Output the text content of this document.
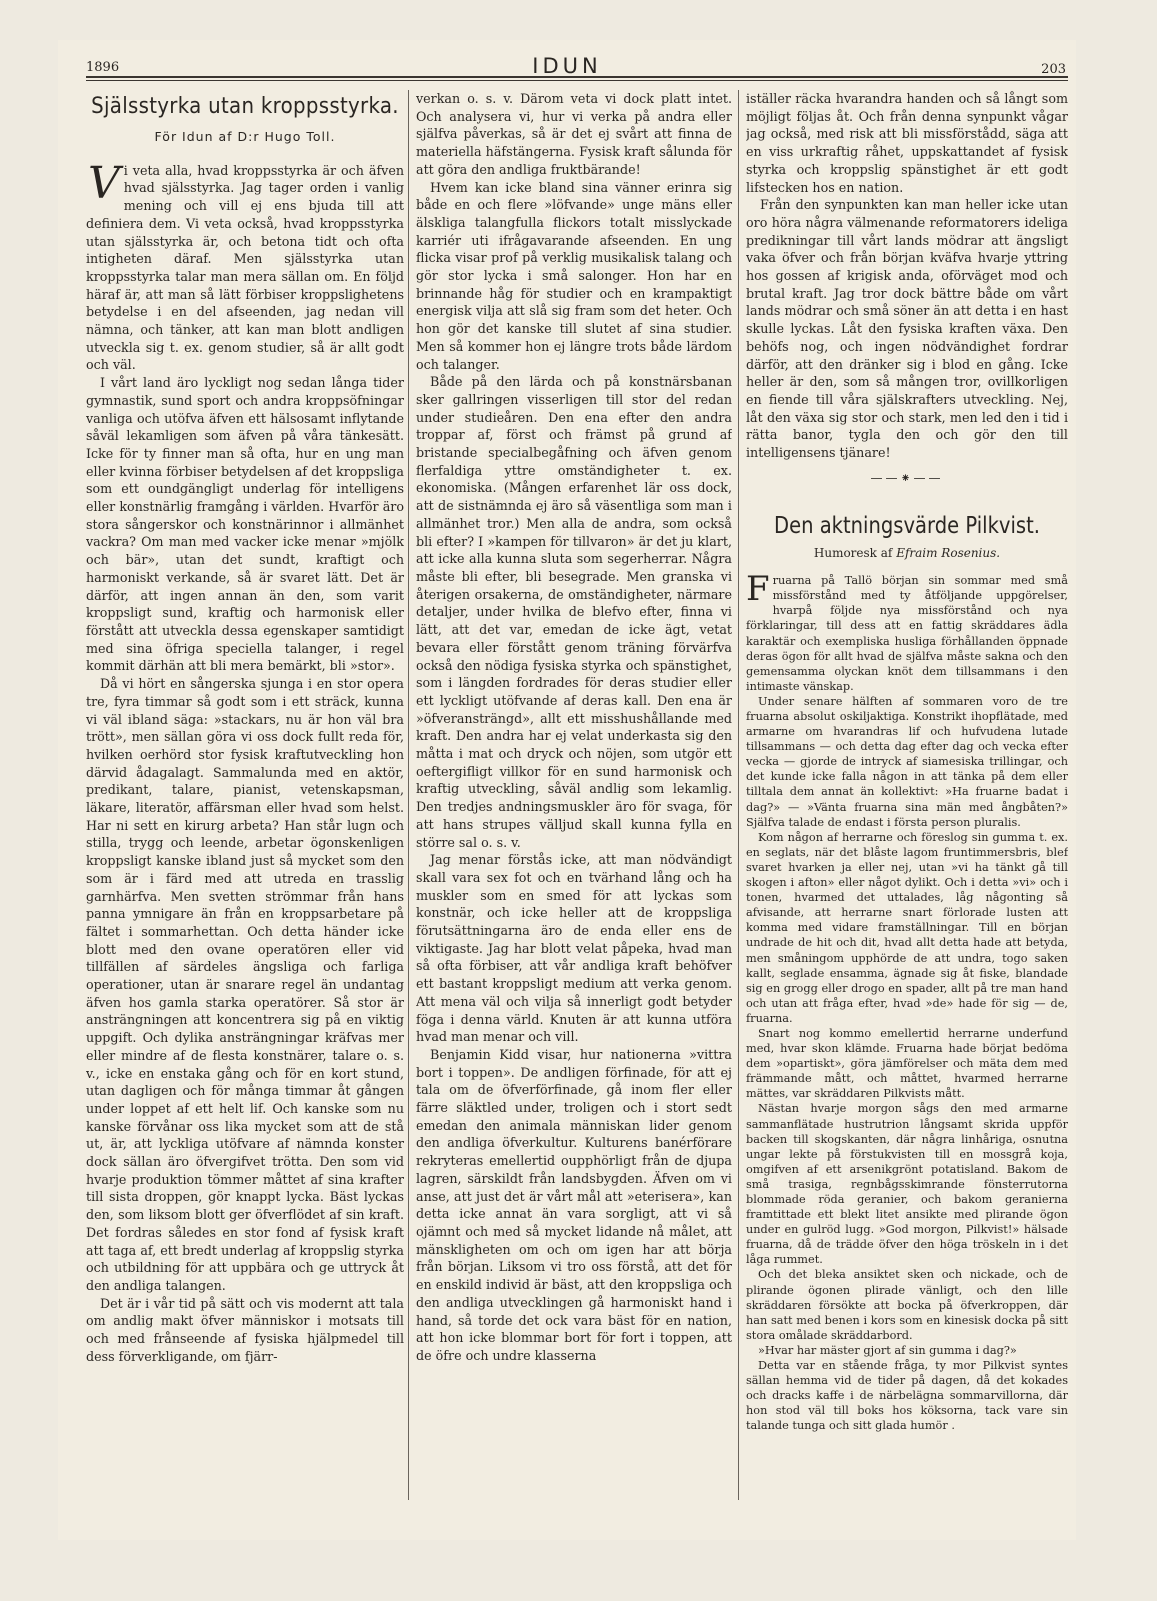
1896	IDUN	203
Själsstyrka utan kroppsstyrka.
För Idun af D:r Hugo Toll.

Vi veta alla, hvad kroppsstyrka är och äfven hvad själsstyrka. Jag tager orden i vanlig mening och vill ej ens bjuda till att definiera dem. Vi veta också, hvad kroppsstyrka utan själsstyrka är, och betona tidt och ofta intigheten däraf. Men själsstyrka utan kroppsstyrka talar man mera sällan om. En följd häraf är, att man så lätt förbiser kroppslighetens betydelse i en del afseenden, jag nedan vill nämna, och tänker, att kan man blott andligen utveckla sig t. ex. genom studier, så är allt godt och väl.

I vårt land äro lyckligt nog sedan långa tider gymnastik, sund sport och andra kroppsöfningar vanliga och utöfva äfven ett hälsosamt inflytande såväl lekamligen som äfven på våra tänkesätt. Icke för ty finner man så ofta, hur en ung man eller kvinna förbiser betydelsen af det kroppsliga som ett oundgängligt underlag för intelligens eller konstnärlig framgång i världen. Hvarför äro stora sångerskor och konstnärinnor i allmänhet vackra? Om man med vacker icke menar »mjölk och bär», utan det sundt, kraftigt och harmoniskt verkande, så är svaret lätt. Det är därför, att ingen annan än den, som varit kroppsligt sund, kraftig och harmonisk eller förstått att utveckla dessa egenskaper samtidigt med sina öfriga speciella talanger, i regel kommit därhän att bli mera bemärkt, bli »stor».

Då vi hört en sångerska sjunga i en stor opera tre, fyra timmar så godt som i ett sträck, kunna vi väl ibland säga: »stackars, nu är hon väl bra trött», men sällan göra vi oss dock fullt reda för, hvilken oerhörd stor fysisk kraftutveckling hon därvid ådagalagt. Sammalunda med en aktör, predikant, talare, pianist, vetenskapsman, läkare, literatör, affärsman eller hvad som helst. Har ni sett en kirurg arbeta? Han står lugn och stilla, trygg och leende, arbetar ögonskenligen kroppsligt kanske ibland just så mycket som den som är i färd med att utreda en trasslig garnhärfva. Men svetten strömmar från hans panna ymnigare än från en kroppsarbetare på fältet i sommarhettan. Och detta händer icke blott med den ovane operatören eller vid tillfällen af särdeles ängsliga och farliga operationer, utan är snarare regel än undantag äfven hos gamla starka operatörer. Så stor är ansträngningen att koncentrera sig på en viktig uppgift. Och dylika ansträngningar kräfvas mer eller mindre af de flesta konstnärer, talare o. s. v., icke en enstaka gång och för en kort stund, utan dagligen och för många timmar åt gången under loppet af ett helt lif. Och kanske som nu kanske förvånar oss lika mycket som att de stå ut, är, att lyckliga utöfvare af nämnda konster dock sällan äro öfvergifvet trötta. Den som vid hvarje produktion tömmer måttet af sina krafter till sista droppen, gör knappt lycka. Bäst lyckas den, som liksom blott ger öfverflödet af sin kraft. Det fordras således en stor fond af fysisk kraft att taga af, ett bredt underlag af kroppslig styrka och utbildning för att uppbära och ge uttryck åt den andliga talangen.

Det är i vår tid på sätt och vis modernt att tala om andlig makt öfver människor i motsats till och med frånseende af fysiska hjälpmedel till dess förverkligande, om fjärr-

verkan o. s. v. Därom veta vi dock platt intet. Och analysera vi, hur vi verka på andra eller själfva påverkas, så är det ej svårt att finna de materiella häfstängerna. Fysisk kraft sålunda för att göra den andliga fruktbärande!

Hvem kan icke bland sina vänner erinra sig både en och flere »löfvande» unge mäns eller älskliga talangfulla flickors totalt misslyckade karriér uti ifrågavarande afseenden. En ung flicka visar prof på verklig musikalisk talang och gör stor lycka i små salonger. Hon har en brinnande håg för studier och en krampaktigt energisk vilja att slå sig fram som det heter. Och hon gör det kanske till slutet af sina studier. Men så kommer hon ej längre trots både lärdom och talanger.

Både på den lärda och på konstnärsbanan sker gallringen visserligen till stor del redan under studieåren. Den ena efter den andra troppar af, först och främst på grund af bristande specialbegåfning och äfven genom flerfaldiga yttre omständigheter t. ex. ekonomiska. (Mången erfarenhet lär oss dock, att de sistnämnda ej äro så väsentliga som man i allmänhet tror.) Men alla de andra, som också bli efter? I »kampen för tillvaron» är det ju klart, att icke alla kunna sluta som segerherrar. Några måste bli efter, bli besegrade. Men granska vi återigen orsakerna, de omständigheter, närmare detaljer, under hvilka de blefvo efter, finna vi lätt, att det var, emedan de icke ägt, vetat bevara eller förstått genom träning förvärfva också den nödiga fysiska styrka och spänstighet, som i längden fordrades för deras studier eller ett lyckligt utöfvande af deras kall. Den ena är »öfveransträngd», allt ett misshushållande med kraft. Den andra har ej velat underkasta sig den måtta i mat och dryck och nöjen, som utgör ett oeftergifligt villkor för en sund harmonisk och kraftig utveckling, såväl andlig som lekamlig. Den tredjes andningsmuskler äro för svaga, för att hans strupes välljud skall kunna fylla en större sal o. s. v.

Jag menar förstås icke, att man nödvändigt skall vara sex fot och en tvärhand lång och ha muskler som en smed för att lyckas som konstnär, och icke heller att de kroppsliga förutsättningarna äro de enda eller ens de viktigaste. Jag har blott velat påpeka, hvad man så ofta förbiser, att vår andliga kraft behöfver ett bastant kroppsligt medium att verka genom. Att mena väl och vilja så innerligt godt betyder föga i denna värld. Knuten är att kunna utföra hvad man menar och vill.

Benjamin Kidd visar, hur nationerna »vittra bort i toppen». De andligen förfinade, för att ej tala om de öfverförfinade, gå inom fler eller färre släktled under, troligen och i stort sedt emedan den animala människan lider genom den andliga öfverkultur. Kulturens banérförare rekryteras emellertid oupphörligt från de djupa lagren, särskildt från landsbygden. Äfven om vi anse, att just det är vårt mål att »eterisera», kan detta icke annat än vara sorgligt, att vi så ojämnt och med så mycket lidande nå målet, att mänskligheten om och om igen har att börja från början. Liksom vi tro oss förstå, att det för en enskild individ är bäst, att den kroppsliga och den andliga utvecklingen gå harmoniskt hand i hand, så torde det ock vara bäst för en nation, att hon icke blommar bort för fort i toppen, att de öfre och undre klasserna

iställer räcka hvarandra handen och så långt som möjligt följas åt. Och från denna synpunkt vågar jag också, med risk att bli missförstådd, säga att en viss urkraftig råhet, uppskattandet af fysisk styrka och kroppslig spänstighet är ett godt lifstecken hos en nation.

Från den synpunkten kan man heller icke utan oro höra några välmenande reformatorers ideliga predikningar till vårt lands mödrar att ängsligt vaka öfver och från början kväfva hvarje yttring hos gossen af krigisk anda, oförväget mod och brutal kraft. Jag tror dock bättre både om vårt lands mödrar och små söner än att detta i en hast skulle lyckas. Låt den fysiska kraften växa. Den behöfs nog, och ingen nödvändighet fordrar därför, att den dränker sig i blod en gång. Icke heller är den, som så mången tror, ovillkorligen en fiende till våra själskrafters utveckling. Nej, låt den växa sig stor och stark, men led den i tid i rätta banor, tygla den och gör den till intelligensens tjänare!

——⁕——
Den aktningsvärde Pilkvist.
Humoresk af Efraim Rosenius.

Fruarna på Tallö början sin sommar med små missförstånd med ty åtföljande uppgörelser, hvarpå följde nya missförstånd och nya förklaringar, till dess att en fattig skräddares ädla karaktär och exempliska husliga förhållanden öppnade deras ögon för allt hvad de själfva måste sakna och den gemensamma olyckan knöt dem tillsammans i den intimaste vänskap.

Under senare hälften af sommaren voro de tre fruarna absolut oskiljaktiga. Konstrikt ihopflätade, med armarne om hvarandras lif och hufvudena lutade tillsammans — och detta dag efter dag och vecka efter vecka — gjorde de intryck af siamesiska trillingar, och det kunde icke falla någon in att tänka på dem eller tilltala dem annat än kollektivt: »Ha fruarne badat i dag?» — »Vänta fruarna sina män med ångbåten?» Själfva talade de endast i första person pluralis.

Kom någon af herrarne och föreslog sin gumma t. ex. en seglats, när det blåste lagom fruntimmersbris, blef svaret hvarken ja eller nej, utan »vi ha tänkt gå till skogen i afton» eller något dylikt. Och i detta »vi» och i tonen, hvarmed det uttalades, låg någonting så afvisande, att herrarne snart förlorade lusten att komma med vidare framställningar. Till en början undrade de hit och dit, hvad allt detta hade att betyda, men småningom upphörde de att undra, togo saken kallt, seglade ensamma, ägnade sig åt fiske, blandade sig en grogg eller drogo en spader, allt på tre man hand och utan att fråga efter, hvad »de» hade för sig — de, fruarna.

Snart nog kommo emellertid herrarne underfund med, hvar skon klämde. Fruarna hade börjat bedöma dem »opartiskt», göra jämförelser och mäta dem med främmande mått, och måttet, hvarmed herrarne mättes, var skräddaren Pilkvists mått.

Nästan hvarje morgon sågs den med armarne sammanflätade hustrutrion långsamt skrida uppför backen till skogskanten, där några linhåriga, osnutna ungar lekte på förstukvisten till en mossgrå koja, omgifven af ett arsenikgrönt potatisland. Bakom de små trasiga, regnbågsskimrande fönsterrutorna blommade röda geranier, och bakom geranierna framtittade ett blekt litet ansikte med plirande ögon under en gulröd lugg. »God morgon, Pilkvist!» hälsade fruarna, då de trädde öfver den höga tröskeln in i det låga rummet.

Och det bleka ansiktet sken och nickade, och de plirande ögonen plirade vänligt, och den lille skräddaren försökte att bocka på öfverkroppen, där han satt med benen i kors som en kinesisk docka på sitt stora omålade skräddarbord.

»Hvar har mäster gjort af sin gumma i dag?»

Detta var en stående fråga, ty mor Pilkvist syntes sällan hemma vid de tider på dagen, då det kokades och dracks kaffe i de närbelägna sommarvillorna, där hon stod väl till boks hos köksorna, tack vare sin talande tunga och sitt glada humör .
